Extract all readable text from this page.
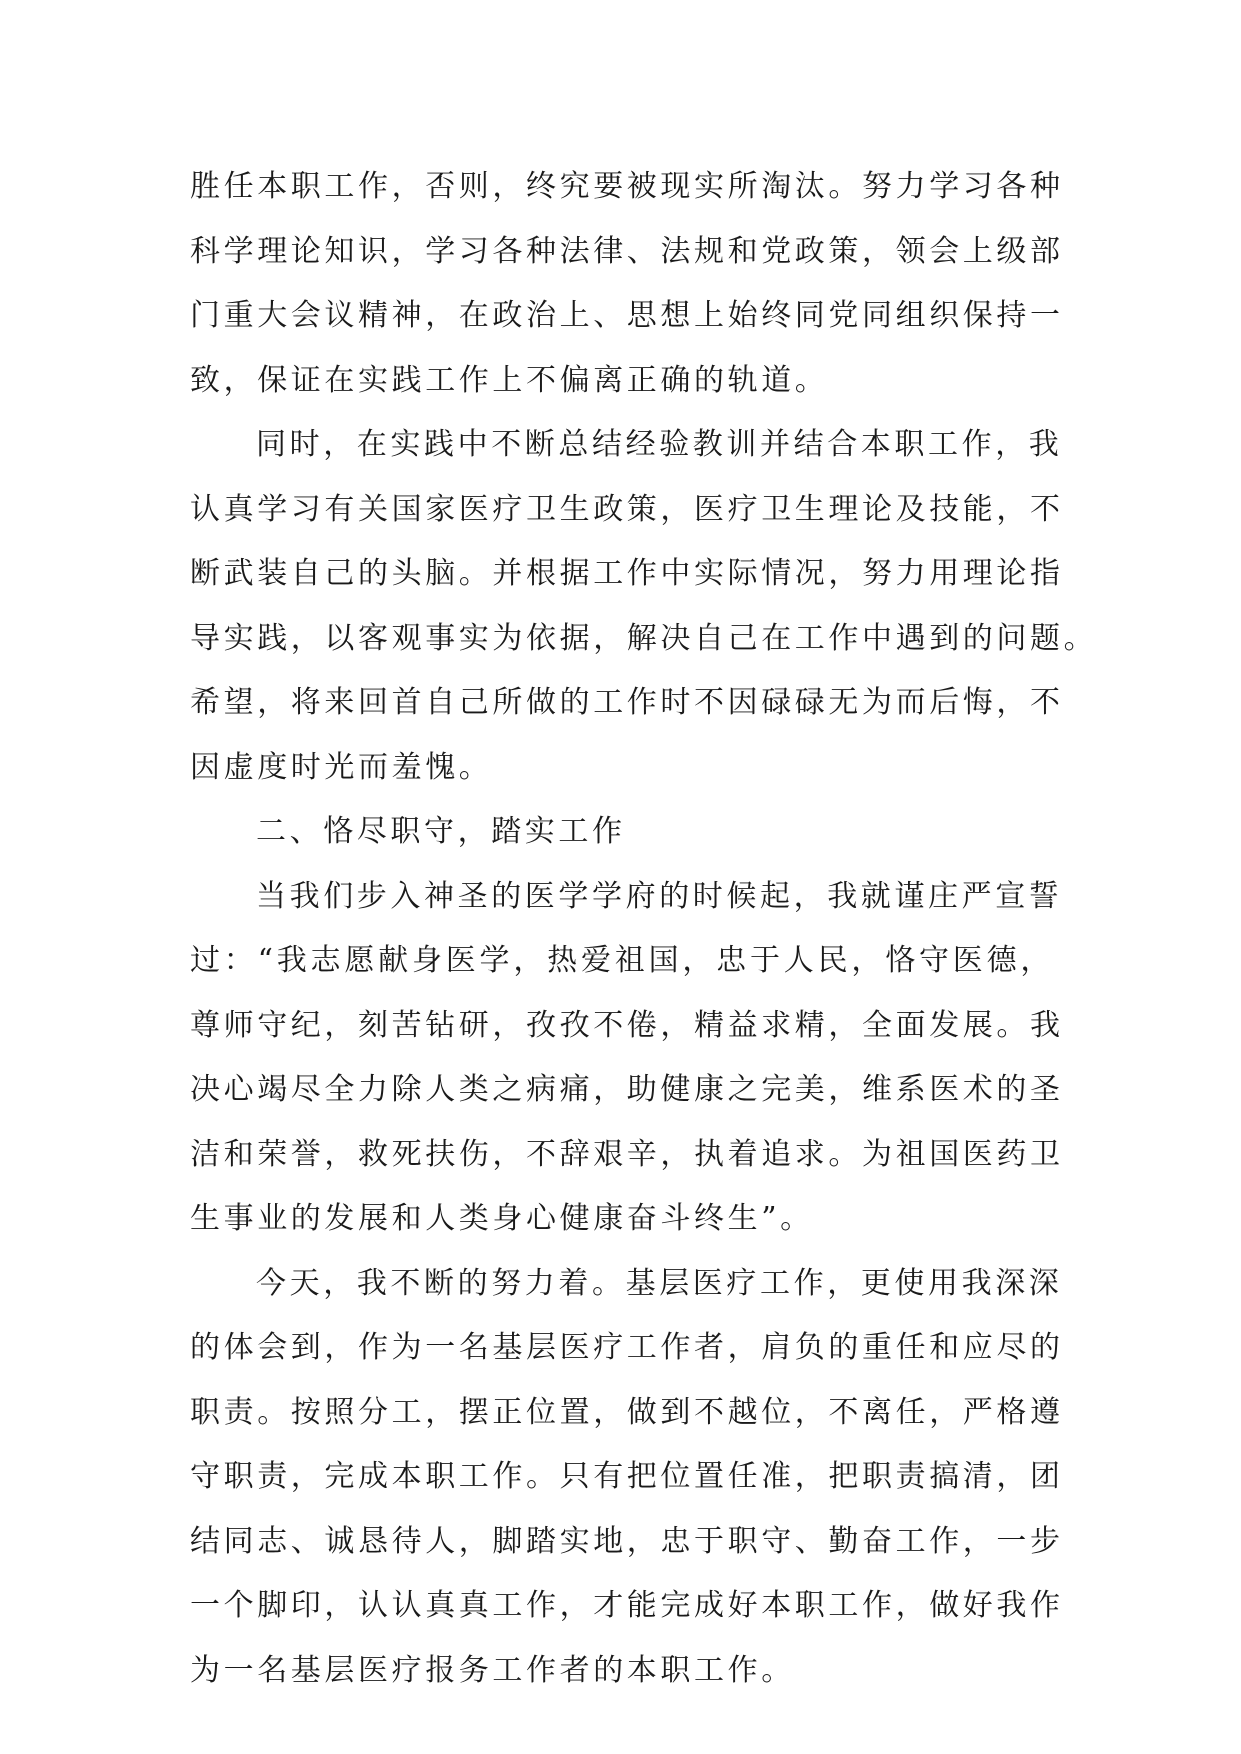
胜任本职工作，否则，终究要被现实所淘汰。努力学习各种
科学理论知识，学习各种法律、法规和党政策，领会上级部
门重大会议精神，在政治上、思想上始终同党同组织保持一
致，保证在实践工作上不偏离正确的轨道。
同时，在实践中不断总结经验教训并结合本职工作，我
认真学习有关国家医疗卫生政策，医疗卫生理论及技能，不
断武装自己的头脑。并根据工作中实际情况，努力用理论指
导实践，以客观事实为依据，解决自己在工作中遇到的问题。
希望，将来回首自己所做的工作时不因碌碌无为而后悔，不
因虚度时光而羞愧。
二、恪尽职守，踏实工作
当我们步入神圣的医学学府的时候起，我就谨庄严宣誓
过：“我志愿献身医学，热爱祖国，忠于人民，恪守医德，
尊师守纪，刻苦钻研，孜孜不倦，精益求精，全面发展。我
决心竭尽全力除人类之病痛，助健康之完美，维系医术的圣
洁和荣誉，救死扶伤，不辞艰辛，执着追求。为祖国医药卫
生事业的发展和人类身心健康奋斗终生”。
今天，我不断的努力着。基层医疗工作，更使用我深深
的体会到，作为一名基层医疗工作者，肩负的重任和应尽的
职责。按照分工，摆正位置，做到不越位，不离任，严格遵
守职责，完成本职工作。只有把位置任准，把职责搞清，团
结同志、诚恳待人，脚踏实地，忠于职守、勤奋工作，一步
一个脚印，认认真真工作，才能完成好本职工作，做好我作
为一名基层医疗报务工作者的本职工作。
